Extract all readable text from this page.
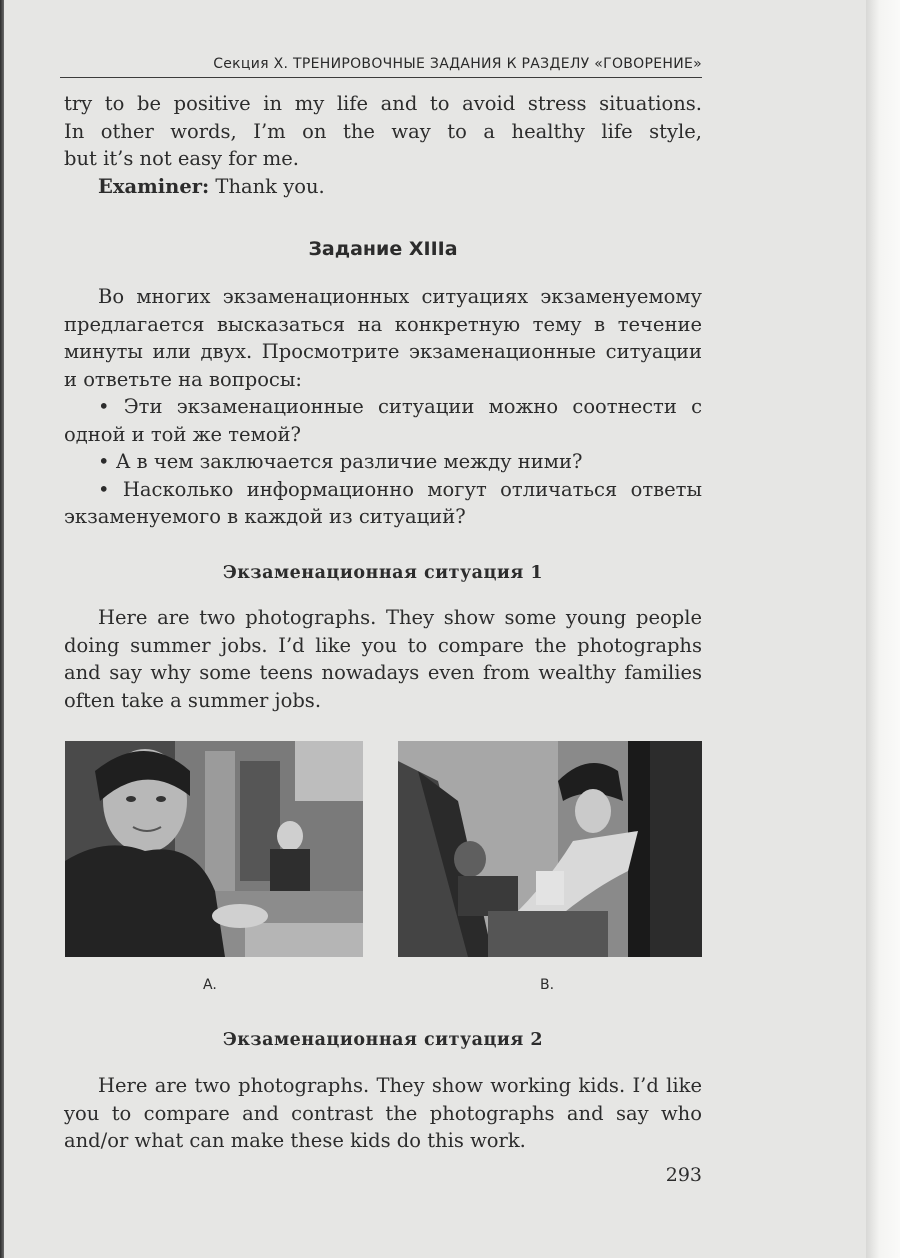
Секция X. ТРЕНИРОВОЧНЫЕ ЗАДАНИЯ К РАЗДЕЛУ «ГОВОРЕНИЕ»

try to be positive in my life and to avoid stress situations.

In other words, I’m on the way to a healthy life style,

but it’s not easy for me.

Examiner: Thank you.

Задание XIIIa

Во многих экзаменационных ситуациях экзаменуемому предлагается высказаться на конкретную тему в течение минуты или двух. Просмотрите экзаменационные ситуации и ответьте на вопросы:

• Эти экзаменационные ситуации можно соотнести с одной и той же темой?

• А в чем заключается различие между ними?

• Насколько информационно могут отличаться ответы экзаменуемого в каждой из ситуаций?

Экзаменационная ситуация 1

Here are two photographs. They show some young people doing summer jobs. I’d like you to compare the photographs and say why some teens nowadays even from wealthy families often take a summer jobs.

A.	B.
Экзаменационная ситуация 2

Here are two photographs. They show working kids. I’d like you to compare and contrast the photographs and say who and/or what can make these kids do this work.

293
